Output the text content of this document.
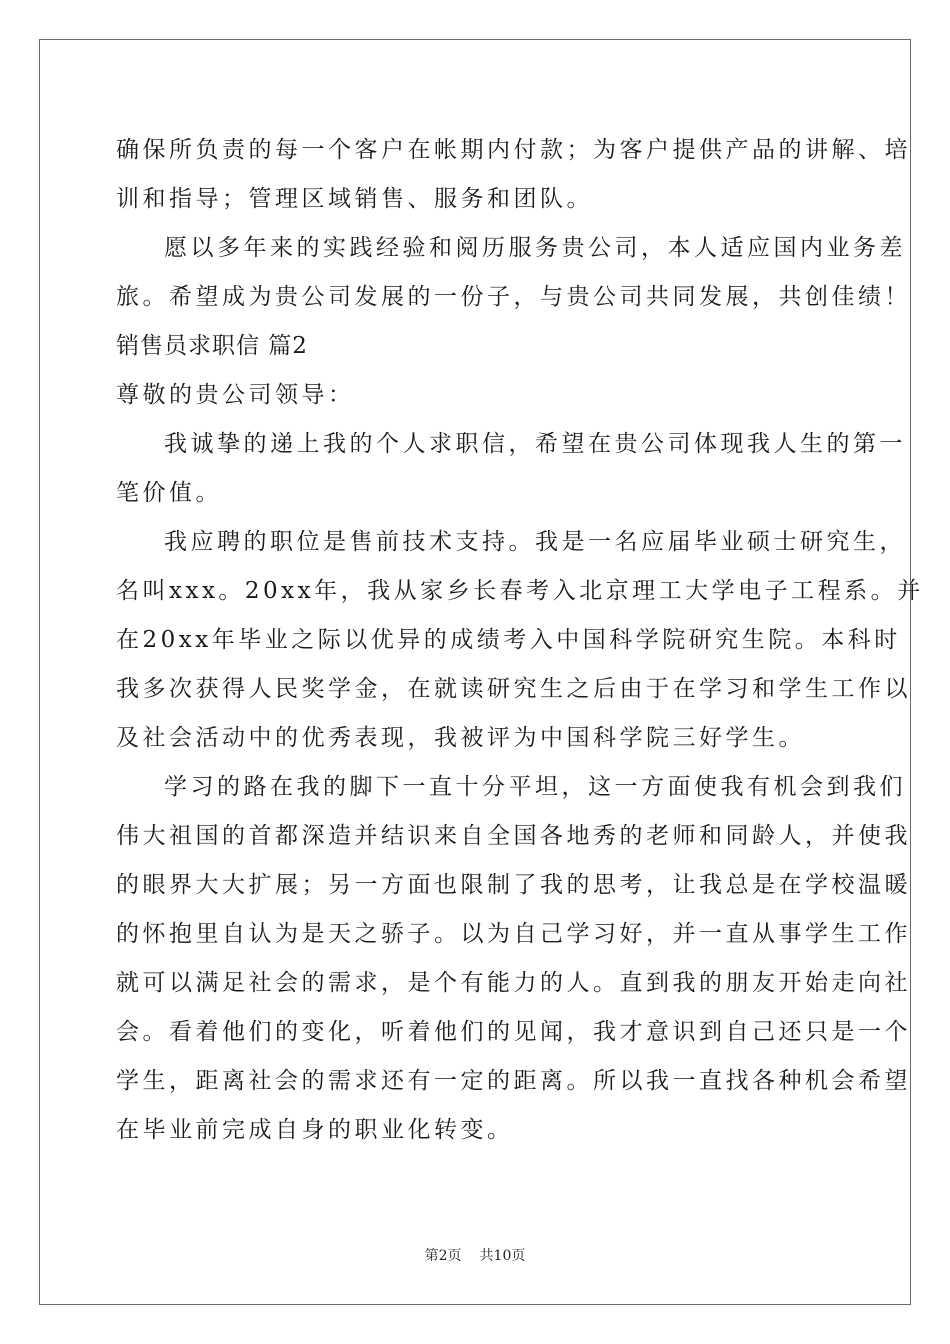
确保所负责的每一个客户在帐期内付款；为客户提供产品的讲解、培
训和指导；管理区域销售、服务和团队。
愿以多年来的实践经验和阅历服务贵公司，本人适应国内业务差
旅。希望成为贵公司发展的一份子，与贵公司共同发展，共创佳绩！
销售员求职信 篇2
尊敬的贵公司领导：
我诚挚的递上我的个人求职信，希望在贵公司体现我人生的第一
笔价值。
我应聘的职位是售前技术支持。我是一名应届毕业硕士研究生，
名叫xxx。20xx年，我从家乡长春考入北京理工大学电子工程系。并
在20xx年毕业之际以优异的成绩考入中国科学院研究生院。本科时
我多次获得人民奖学金，在就读研究生之后由于在学习和学生工作以
及社会活动中的优秀表现，我被评为中国科学院三好学生。
学习的路在我的脚下一直十分平坦，这一方面使我有机会到我们
伟大祖国的首都深造并结识来自全国各地秀的老师和同龄人，并使我
的眼界大大扩展；另一方面也限制了我的思考，让我总是在学校温暖
的怀抱里自认为是天之骄子。以为自己学习好，并一直从事学生工作
就可以满足社会的需求，是个有能力的人。直到我的朋友开始走向社
会。看着他们的变化，听着他们的见闻，我才意识到自己还只是一个
学生，距离社会的需求还有一定的距离。所以我一直找各种机会希望
在毕业前完成自身的职业化转变。
第2页 共10页
